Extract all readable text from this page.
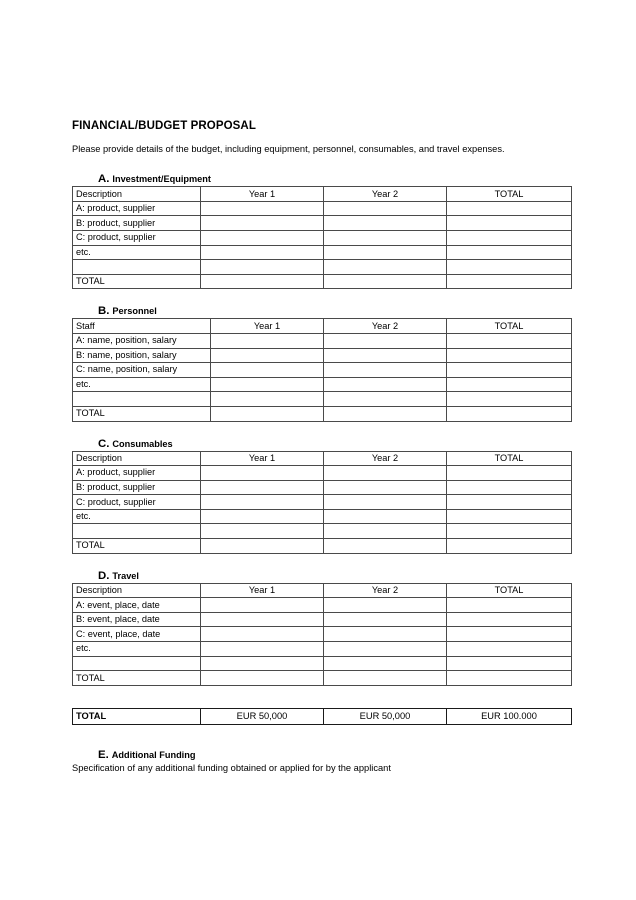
FINANCIAL/BUDGET PROPOSAL

Please provide details of the budget, including equipment, personnel, consumables, and travel expenses.

A. Investment/Equipment
Description	Year 1	Year 2	TOTAL
A: product, supplier			
B: product, supplier			
C: product, supplier			
etc.			

TOTAL			
B. Personnel
Staff	Year 1	Year 2	TOTAL
A: name, position, salary			
B: name, position, salary			
C: name, position, salary			
etc.			

TOTAL			
C. Consumables
Description	Year 1	Year 2	TOTAL
A: product, supplier			
B: product, supplier			
C: product, supplier			
etc.			

TOTAL			
D. Travel
Description	Year 1	Year 2	TOTAL
A: event, place, date			
B: event, place, date			
C: event, place, date			
etc.			

TOTAL			
TOTAL	EUR 50,000	EUR 50,000	EUR 100.000
E. Additional Funding

Specification of any additional funding obtained or applied for by the applicant
